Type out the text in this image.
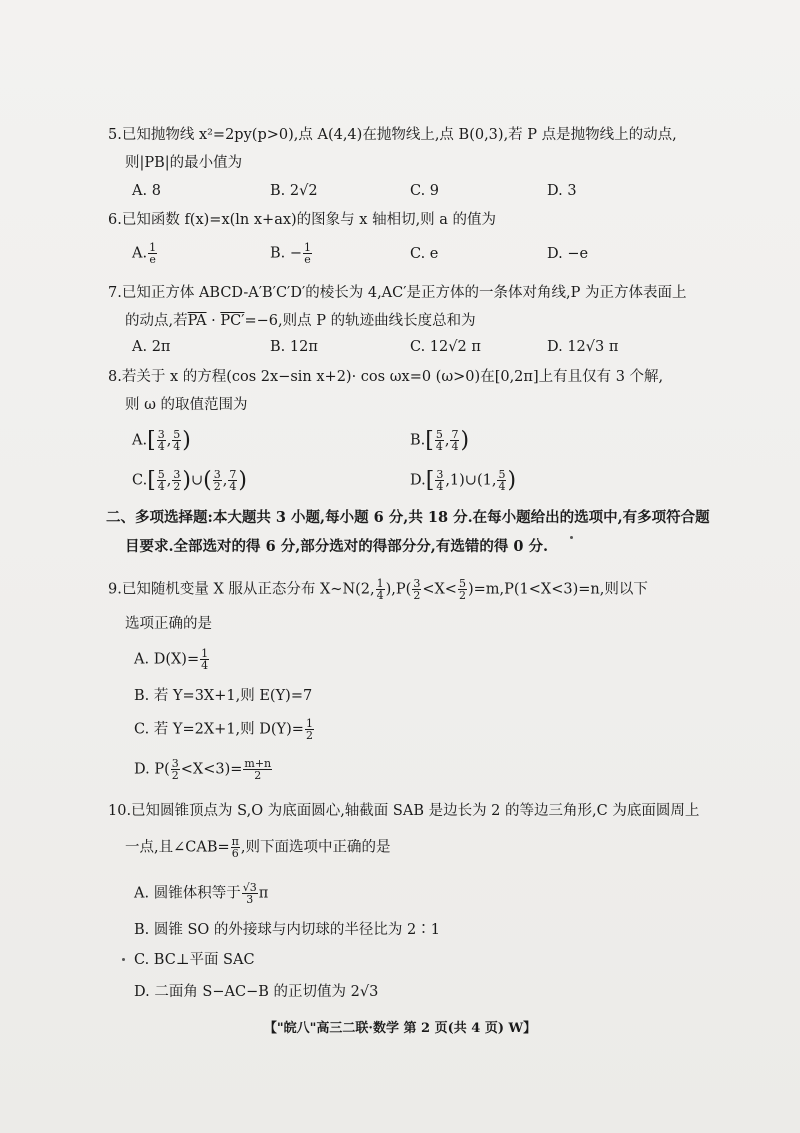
5.已知抛物线 x²=2py(p>0),点 A(4,4)在抛物线上,点 B(0,3),若 P 点是抛物线上的动点,
则|PB|的最小值为
A. 8	B. 2√2	C. 9	D. 3
6.已知函数 f(x)=x(ln x+ax)的图象与 x 轴相切,则 a 的值为
A. $\frac{1}{e}$	B. − $\frac{1}{e}$	C. e	D. −e
7.已知正方体 ABCD-A′B′C′D′的棱长为 4,AC′是正方体的一条体对角线,P 为正方体表面上
的动点,若$\overline{PA} \cdot PC'=-6$,则点 P 的轨迹曲线长度总和为
A. 2π	B. 12π	C. 12√2 π	D. 12√3 π
8.若关于 x 的方程(cos 2x−sin x+2)· cos ωx=0 (ω>0)在[0,2π]上有且仅有 3 个解,
则 ω 的取值范围为
$A.[ \frac{3}{4}$ , $\frac{5}{4}$ )	$B.[ \frac{5}{4}$ , $\frac{7}{4}$ )
$C.[ \frac{5}{4}$ , $\frac{3}{2}$ )∪( $\frac{3}{2}$ , $\frac{7}{4}$ )	$D.[ \frac{3}{4}$ ,1)∪(1, $\frac{5}{4}$ )
二、多项选择题:本大题共 3 小题,每小题 6 分,共 18 分.在每小题给出的选项中,有多项符合题
目要求.全部选对的得 6 分,部分选对的得部分分,有选错的得 0 分.
9.已知随机变量 X 服从正态分布 X∼N(2, $\frac{1}{4} ),P( \frac{3}{2} <X< \frac{5}{2} )=m,P(1<X<3)=n$,则以下
选项正确的是
A. $D(X)= \frac{1}{4}$
B. 若 Y=3X+1,则 E(Y)=7
C. 若 Y=2X+1,则 $D(Y)= \frac{1}{2}$
D. $P( \frac{3}{2} <X<3)= \frac{m+n}{2}$
10.已知圆锥顶点为 S,O 为底面圆心,轴截面 SAB 是边长为 2 的等边三角形,C 为底面圆周上
一点,且∠CAB= $\frac{\pi}{6}$ ,则下面选项中正确的是
A. 圆锥体积等于 $\frac{√3}{3}$ π
B. 圆锥 SO 的外接球与内切球的半径比为 2∶1
C. BC⊥平面 SAC
D. 二面角 S−AC−B 的正切值为 2√3
【"皖八"高三二联·数学 第 2 页(共 4 页) W】
